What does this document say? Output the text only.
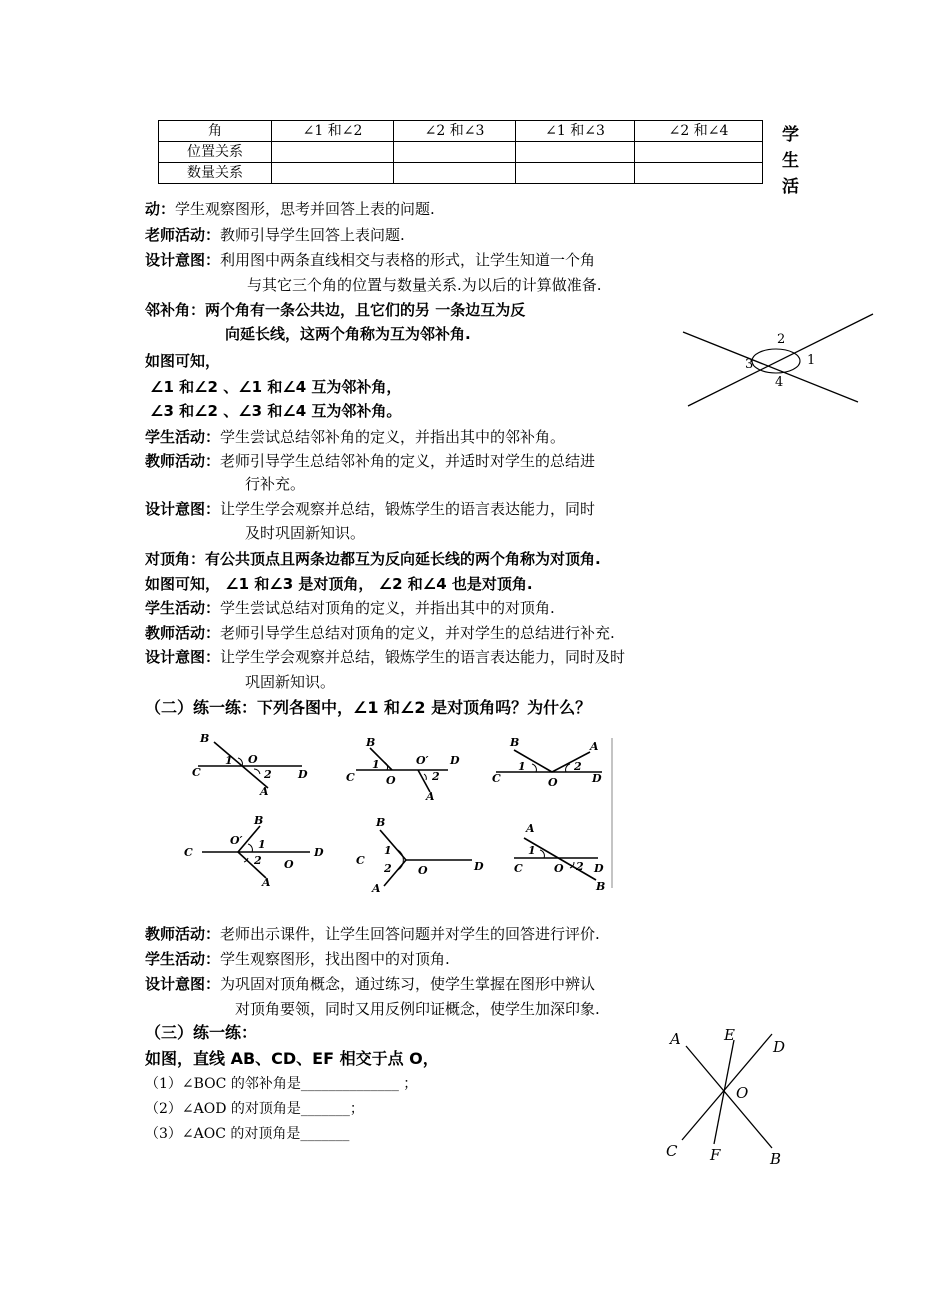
角	∠1 和∠2	∠2 和∠3	∠1 和∠3	∠2 和∠4
位置关系				
数量关系				
学
生
活
动：学生观察图形，思考并回答上表的问题.
老师活动：教师引导学生回答上表问题.
设计意图：利用图中两条直线相交与表格的形式，让学生知道一个角
与其它三个角的位置与数量关系.为以后的计算做准备.
邻补角：两个角有一条公共边，且它们的另 一条边互为反
向延长线，这两个角称为互为邻补角.
如图可知，
∠1 和∠2 、∠1 和∠4 互为邻补角，
∠3 和∠2 、∠3 和∠4 互为邻补角。
2
1
3
4
学生活动：学生尝试总结邻补角的定义，并指出其中的邻补角。
教师活动：老师引导学生总结邻补角的定义，并适时对学生的总结进
行补充。
设计意图：让学生学会观察并总结，锻炼学生的语言表达能力，同时
及时巩固新知识。
对顶角：有公共顶点且两条边都互为反向延长线的两个角称为对顶角.
如图可知， ∠1 和∠3 是对顶角， ∠2 和∠4 也是对顶角.
学生活动：学生尝试总结对顶角的定义，并指出其中的对顶角.
教师活动：老师引导学生总结对顶角的定义，并对学生的总结进行补充.
设计意图：让学生学会观察并总结，锻炼学生的语言表达能力，同时及时
巩固新知识。
（二）练一练：下列各图中，∠1 和∠2 是对顶角吗？为什么？
B
C
1 O
2 D
A
B
C
1
O
O′
2
D
A
B
C
1
O
2
A
D
C
O′
B
1
2 O
D
A
B
C
1
2 O	D
A
A
1
C	O 2 D
B
教师活动：老师出示课件，让学生回答问题并对学生的回答进行评价.
学生活动：学生观察图形，找出图中的对顶角.
设计意图：为巩固对顶角概念，通过练习，使学生掌握在图形中辨认
对顶角要领，同时又用反例印证概念，使学生加深印象.
（三）练一练：
如图，直线 AB、CD、EF 相交于点 O，
（1）∠BOC 的邻补角是______________ ；
（2）∠AOD 的对顶角是_______；
（3）∠AOC 的对顶角是_______
A	E
D
O
C F	B
